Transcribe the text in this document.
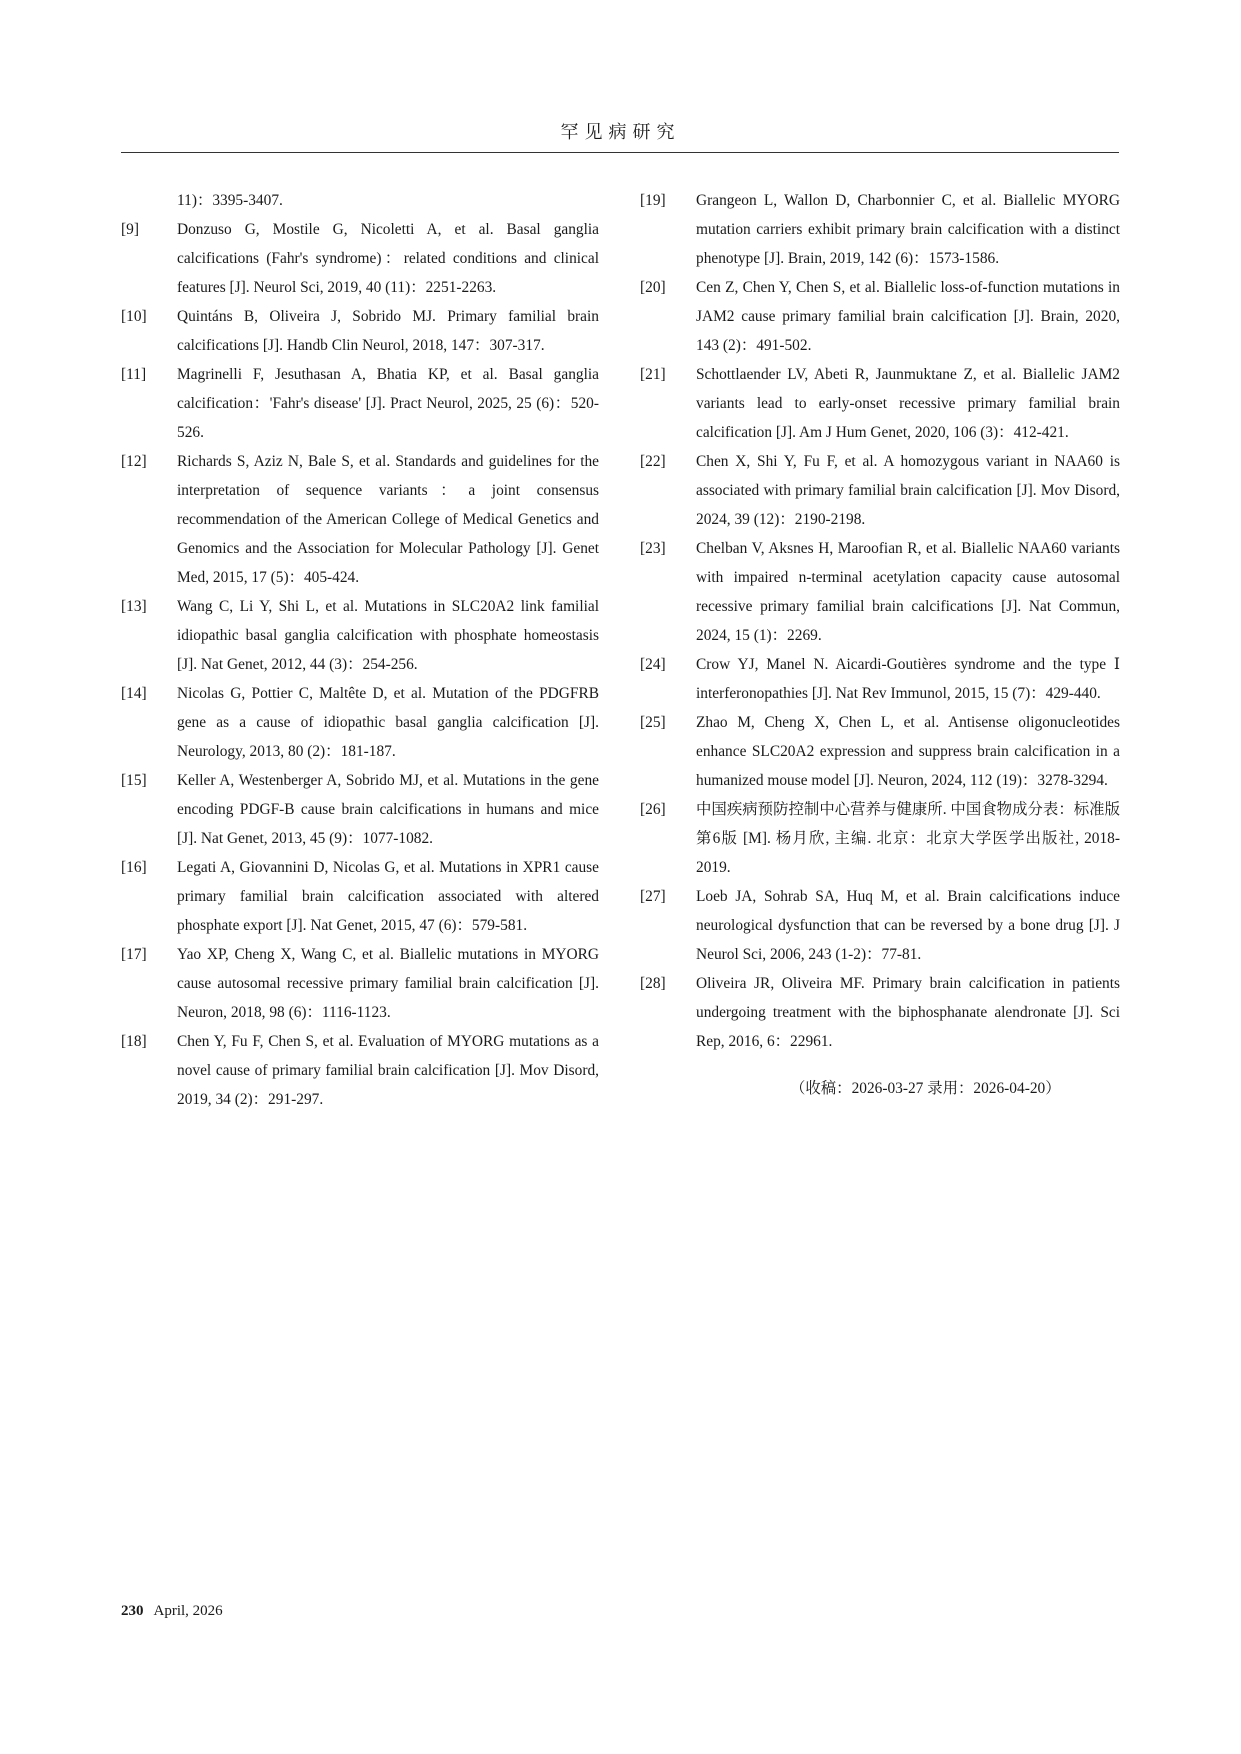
罕见病研究
11)：3395-3407.
[9]	Donzuso G, Mostile G, Nicoletti A, et al. Basal ganglia calcifications (Fahr's syndrome)：related conditions and clinical features [J]. Neurol Sci, 2019, 40 (11)：2251-2263.
[10]	Quintáns B, Oliveira J, Sobrido MJ. Primary familial brain calcifications [J]. Handb Clin Neurol, 2018, 147：307-317.
[11]	Magrinelli F, Jesuthasan A, Bhatia KP, et al. Basal ganglia calcification：'Fahr's disease' [J]. Pract Neurol, 2025, 25 (6)：520-526.
[12]	Richards S, Aziz N, Bale S, et al. Standards and guidelines for the interpretation of sequence variants：a joint consensus recommendation of the American College of Medical Genetics and Genomics and the Association for Molecular Pathology [J]. Genet Med, 2015, 17 (5)：405-424.
[13]	Wang C, Li Y, Shi L, et al. Mutations in SLC20A2 link familial idiopathic basal ganglia calcification with phosphate homeostasis [J]. Nat Genet, 2012, 44 (3)：254-256.
[14]	Nicolas G, Pottier C, Maltête D, et al. Mutation of the PDGFRB gene as a cause of idiopathic basal ganglia calcification [J]. Neurology, 2013, 80 (2)：181-187.
[15]	Keller A, Westenberger A, Sobrido MJ, et al. Mutations in the gene encoding PDGF-B cause brain calcifications in humans and mice [J]. Nat Genet, 2013, 45 (9)：1077-1082.
[16]	Legati A, Giovannini D, Nicolas G, et al. Mutations in XPR1 cause primary familial brain calcification associated with altered phosphate export [J]. Nat Genet, 2015, 47 (6)：579-581.
[17]	Yao XP, Cheng X, Wang C, et al. Biallelic mutations in MYORG cause autosomal recessive primary familial brain calcification [J]. Neuron, 2018, 98 (6)：1116-1123.
[18]	Chen Y, Fu F, Chen S, et al. Evaluation of MYORG mutations as a novel cause of primary familial brain calcification [J]. Mov Disord, 2019, 34 (2)：291-297.
[19]	Grangeon L, Wallon D, Charbonnier C, et al. Biallelic MYORG mutation carriers exhibit primary brain calcification with a distinct phenotype [J]. Brain, 2019, 142 (6)：1573-1586.
[20]	Cen Z, Chen Y, Chen S, et al. Biallelic loss-of-function mutations in JAM2 cause primary familial brain calcification [J]. Brain, 2020, 143 (2)：491-502.
[21]	Schottlaender LV, Abeti R, Jaunmuktane Z, et al. Biallelic JAM2 variants lead to early-onset recessive primary familial brain calcification [J]. Am J Hum Genet, 2020, 106 (3)：412-421.
[22]	Chen X, Shi Y, Fu F, et al. A homozygous variant in NAA60 is associated with primary familial brain calcification [J]. Mov Disord, 2024, 39 (12)：2190-2198.
[23]	Chelban V, Aksnes H, Maroofian R, et al. Biallelic NAA60 variants with impaired n-terminal acetylation capacity cause autosomal recessive primary familial brain calcifications [J]. Nat Commun, 2024, 15 (1)：2269.
[24]	Crow YJ, Manel N. Aicardi-Goutières syndrome and the type Ⅰ interferonopathies [J]. Nat Rev Immunol, 2015, 15 (7)：429-440.
[25]	Zhao M, Cheng X, Chen L, et al. Antisense oligonucleotides enhance SLC20A2 expression and suppress brain calcification in a humanized mouse model [J]. Neuron, 2024, 112 (19)：3278-3294.
[26]	中国疾病预防控制中心营养与健康所. 中国食物成分表：标准版 第6版 [M]. 杨月欣, 主编. 北京：北京大学医学出版社, 2018-2019.
[27]	Loeb JA, Sohrab SA, Huq M, et al. Brain calcifications induce neurological dysfunction that can be reversed by a bone drug [J]. J Neurol Sci, 2006, 243 (1-2)：77-81.
[28]	Oliveira JR, Oliveira MF. Primary brain calcification in patients undergoing treatment with the biphosphanate alendronate [J]. Sci Rep, 2016, 6：22961.
（收稿：2026-03-27 录用：2026-04-20）
230 April, 2026
